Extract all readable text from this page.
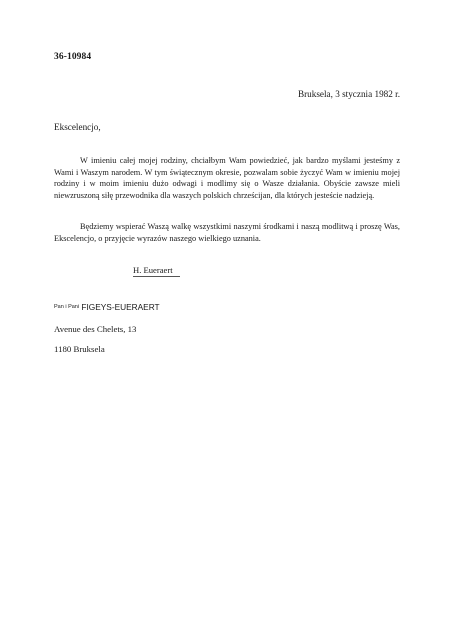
36-10984
Bruksela, 3 stycznia 1982 r.
Ekscelencjo,

W imieniu całej mojej rodziny, chciałbym Wam powiedzieć, jak bardzo myślami jesteśmy z Wami i Waszym narodem. W tym świątecznym okresie, pozwalam sobie życzyć Wam w imieniu mojej rodziny i w moim imieniu dużo odwagi i modlimy się o Wasze działania. Obyście zawsze mieli niewzruszoną siłę przewodnika dla waszych polskich chrześcijan, dla których jesteście nadzieją.

Będziemy wspierać Waszą walkę wszystkimi naszymi środkami i naszą modlitwą i proszę Was, Ekscelencjo, o przyjęcie wyrazów naszego wielkiego uznania.

H. Eueraert
$^{Pan i Pani}$ FIGEYS-EUERAERT
Avenue des Chelets, 13
1180 Bruksela
